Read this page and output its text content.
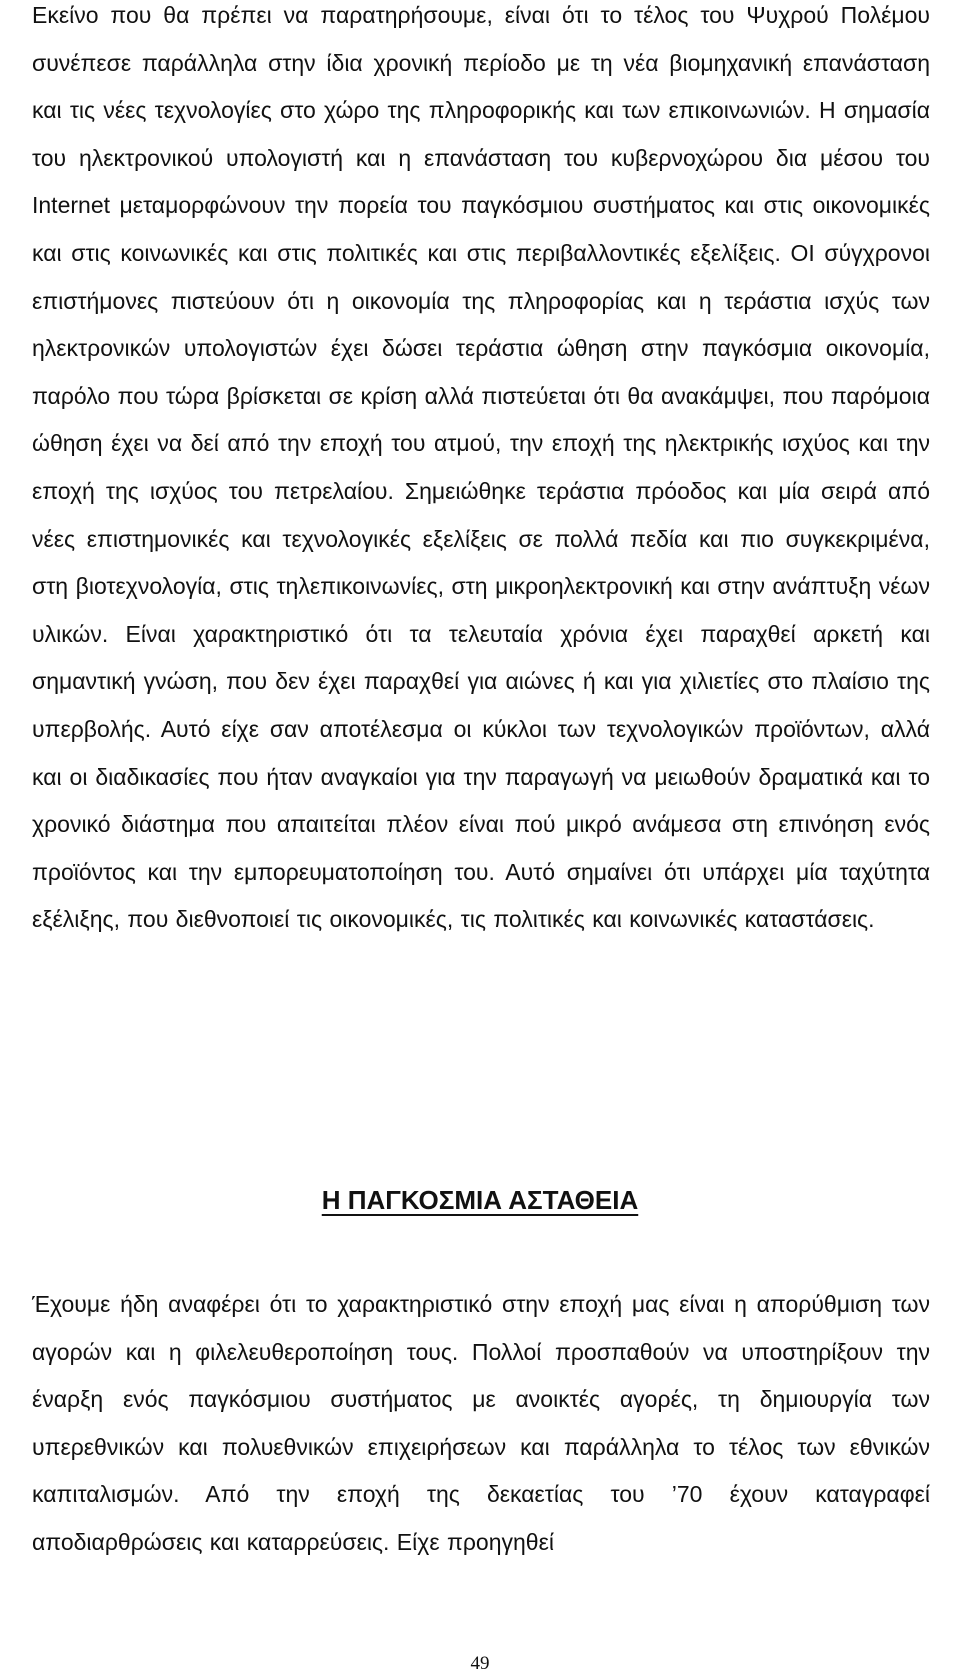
Εκείνο που θα πρέπει να παρατηρήσουμε, είναι ότι το τέλος του Ψυχρού Πολέμου συνέπεσε παράλληλα στην ίδια χρονική περίοδο με τη νέα βιομηχανική επανάσταση και τις νέες τεχνολογίες στο χώρο της πληροφορικής και των επικοινωνιών. Η σημασία του ηλεκτρονικού υπολογιστή και η επανάσταση του κυβερνοχώρου δια μέσου του Internet μεταμορφώνουν την πορεία του παγκόσμιου συστήματος και στις οικονομικές και στις κοινωνικές και στις πολιτικές και στις περιβαλλοντικές εξελίξεις. ΟΙ σύγχρονοι επιστήμονες πιστεύουν ότι η οικονομία της πληροφορίας και η τεράστια ισχύς των ηλεκτρονικών υπολογιστών έχει δώσει τεράστια ώθηση στην παγκόσμια οικονομία, παρόλο που τώρα βρίσκεται σε κρίση αλλά πιστεύεται ότι θα ανακάμψει, που παρόμοια ώθηση έχει να δεί από την εποχή του ατμού, την εποχή της ηλεκτρικής ισχύος και την εποχή της ισχύος του πετρελαίου. Σημειώθηκε τεράστια πρόοδος και μία σειρά από νέες επιστημονικές και τεχνολογικές εξελίξεις σε πολλά πεδία και πιο συγκεκριμένα, στη βιοτεχνολογία, στις τηλεπικοινωνίες, στη μικροηλεκτρονική και στην ανάπτυξη νέων υλικών. Είναι χαρακτηριστικό ότι τα τελευταία χρόνια έχει παραχθεί αρκετή και σημαντική γνώση, που δεν έχει παραχθεί για αιώνες ή και για χιλιετίες στο πλαίσιο της υπερβολής. Αυτό είχε σαν αποτέλεσμα οι κύκλοι των τεχνολογικών προϊόντων, αλλά και οι διαδικασίες που ήταν αναγκαίοι για την παραγωγή να μειωθούν δραματικά και το χρονικό διάστημα που απαιτείται πλέον είναι πού μικρό ανάμεσα στη επινόηση ενός προϊόντος και την εμπορευματοποίηση του. Αυτό σημαίνει ότι υπάρχει μία ταχύτητα εξέλιξης, που διεθνοποιεί τις οικονομικές, τις πολιτικές και κοινωνικές καταστάσεις.

Η ΠΑΓΚΟΣΜΙΑ ΑΣΤΑΘΕΙΑ

Έχουμε ήδη αναφέρει ότι το χαρακτηριστικό στην εποχή μας είναι η απορύθμιση των αγορών και η φιλελευθεροποίηση τους. Πολλοί προσπαθούν να υποστηρίξουν την έναρξη ενός παγκόσμιου συστήματος με ανοικτές αγορές, τη δημιουργία των υπερεθνικών και πολυεθνικών επιχειρήσεων και παράλληλα το τέλος των εθνικών καπιταλισμών. Από την εποχή της δεκαετίας του ’70 έχουν καταγραφεί αποδιαρθρώσεις και καταρρεύσεις. Είχε προηγηθεί

49
